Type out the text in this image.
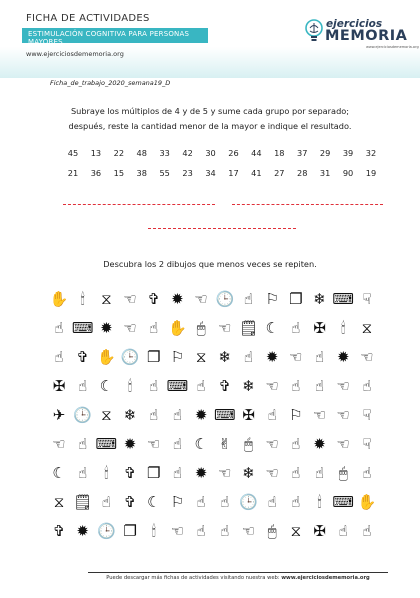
FICHA DE ACTIVIDADES
ESTIMULACIÓN COGNITIVA PARA PERSONAS MAYORES
www.ejerciciosdememoria.org
ejercicios
MEMORIA
www.ejerciciosdememoria.org
Ficha_de_trabajo_2020_semana19_D
Subraye los múltiplos de 4 y de 5 y sume cada grupo por separado;
después, reste la cantidad menor de la mayor e indique el resultado.
45	13	22	48	33	42	30	26	44	18	37	29	39	32
21	36	15	38	55	23	34	17	41	27	28	31	90	19
Descubra los 2 dibujos que menos veces se repiten.
✋ 🕯	⧖ ☜ ✞ ✹ ☜ 🕒 ☝ ⚐ ❐ ❄ ⌨ ☟
☝ ⌨ ✹ ☜ ☝ ✋ 🖱 ☜ 🗒 ☾ ☝ ✠	🕯	⧖
☝ ✞ ✋ 🕒 ❐ ⚐ ⧖ ❄ ☝ ✹ ☜ ☝ ✹ ☜
✠ ☝ ☾ 🕯	☝ ⌨ ☝ ✞ ❄ ☜ ☝ ☝ ☜ ☝
✈ 🕒 ⧖ ❄ ☝ ☝ ✹ ⌨ ✠ ☝ ⚐ ☜ ☜ ☟
☜ ☝ ⌨ ✹ ☜ ☝ ☾ ✌ 🖱 ☜ ☝ ✹ ☜ ☟
☾ ☝	🕯	✞ ❐ ☝ ✹ ☜ ❄ ☜ ☝ ☝ 🖱 ☝
⧖ 🗒 ☝ ✞ ☾ ⚐ ☝ ☝ 🕒 ☝ ☝	🕯 ⌨ ✋
✞ ✹ 🕒 ❐ 🕯 ☜ ☝ ☝ ☜ 🖱 ⧖ ✠ ☝ ☝
Puede descargar más fichas de actividades visitando nuestra web: www.ejerciciosdememoria.org
